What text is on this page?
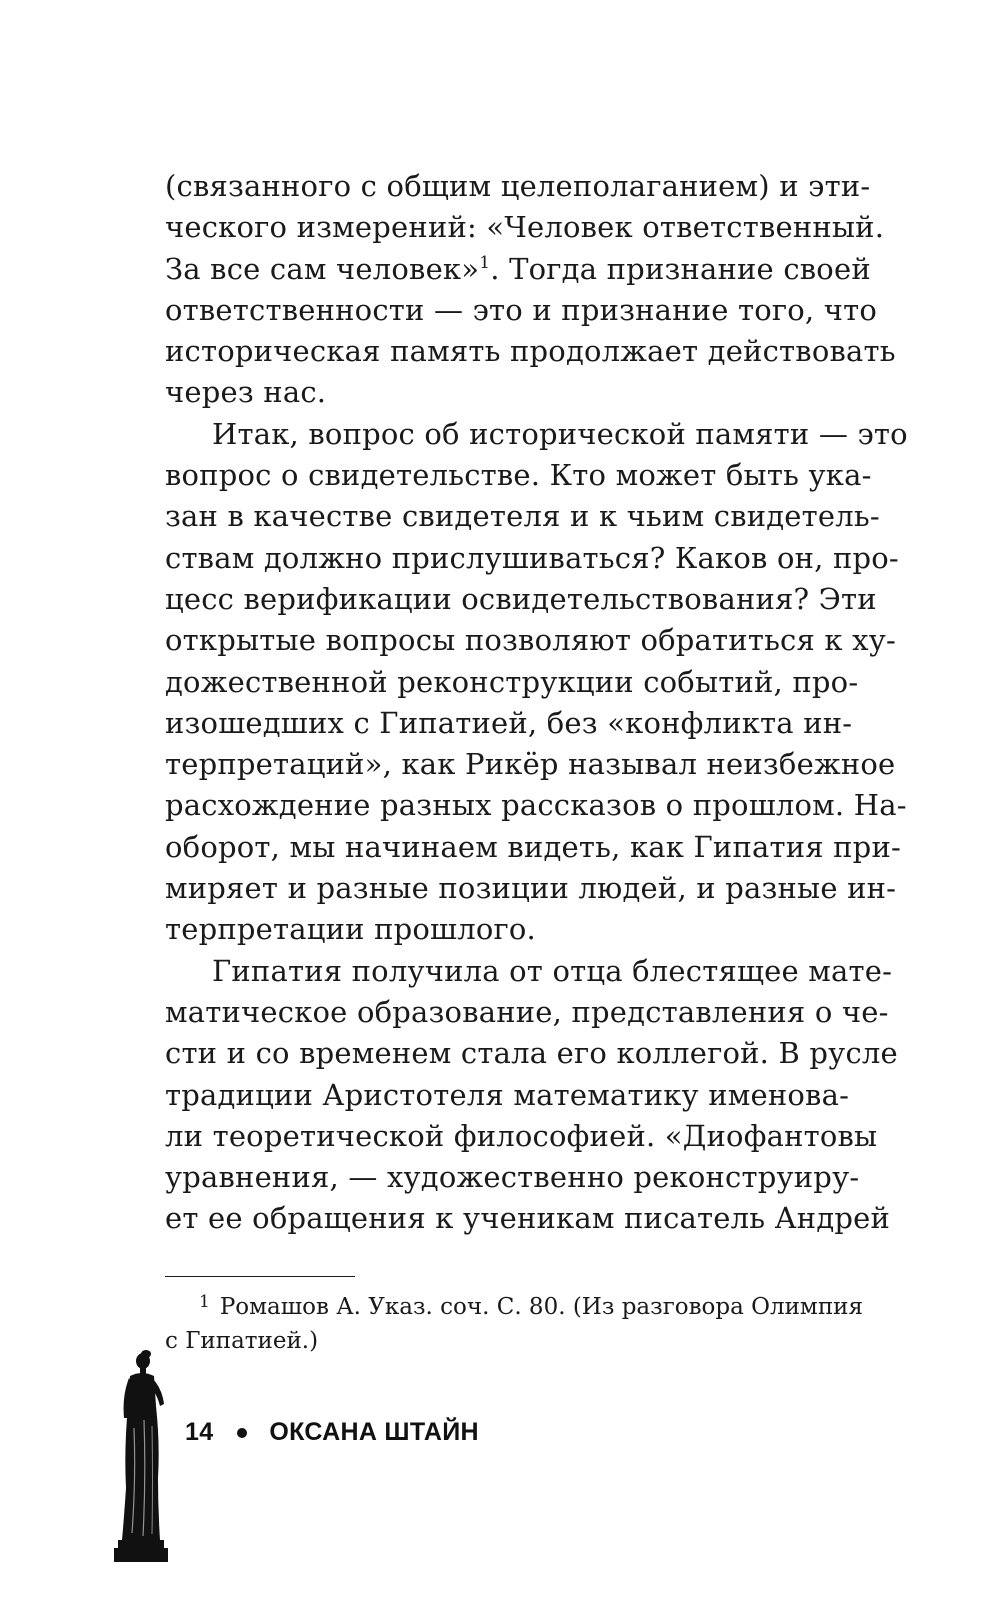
(связанного с общим целеполаганием) и эти-

ческого измерений: «Человек ответственный.

За все сам человек»$^1$. Тогда признание своей

ответственности — это и признание того, что

историческая память продолжает действовать

через нас.

Итак, вопрос об исторической памяти — это

вопрос о свидетельстве. Кто может быть ука-

зан в качестве свидетеля и к чьим свидетель-

ствам должно прислушиваться? Каков он, про-

цесс верификации освидетельствования? Эти

открытые вопросы позволяют обратиться к ху-

дожественной реконструкции событий, про-

изошедших с Гипатией, без «конфликта ин-

терпретаций», как Рикёр называл неизбежное

расхождение разных рассказов о прошлом. На-

оборот, мы начинаем видеть, как Гипатия при-

миряет и разные позиции людей, и разные ин-

терпретации прошлого.

Гипатия получила от отца блестящее мате-

матическое образование, представления о че-

сти и со временем стала его коллегой. В русле

традиции Аристотеля математику именова-

ли теоретической философией. «Диофантовы

уравнения, — художественно реконструиру-

ет ее обращения к ученикам писатель Андрей

$^1$ Ромашов А. Указ. соч. С. 80. (Из разговора Олимпия
с Гипатией.)
14 ОКСАНА ШТАЙН
